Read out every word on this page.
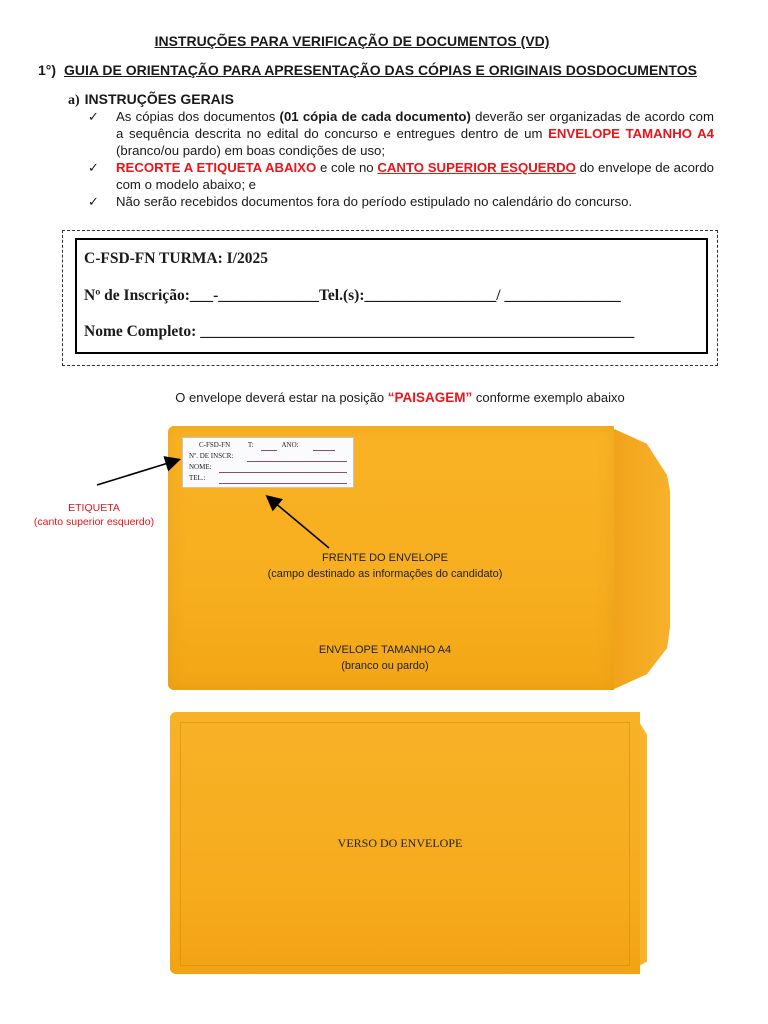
INSTRUÇÕES PARA VERIFICAÇÃO DE DOCUMENTOS (VD)
1°) GUIA DE ORIENTAÇÃO PARA APRESENTAÇÃO DAS CÓPIAS E ORIGINAIS DOSDOCUMENTOS
a) INSTRUÇÕES GERAIS
✓ As cópias dos documentos (01 cópia de cada documento) deverão ser organizadas de acordo com a sequência descrita no edital do concurso e entregues dentro de um ENVELOPE TAMANHO A4 (branco/ou pardo) em boas condições de uso;
✓ RECORTE A ETIQUETA ABAIXO e cole no CANTO SUPERIOR ESQUERDO do envelope de acordo com o modelo abaixo; e
✓ Não serão recebidos documentos fora do período estipulado no calendário do concurso.
C-FSD-FN TURMA: I/2025
Nº de Inscrição:___-_____________Tel.(s):_________________/ _______________
Nome Completo: ________________________________________________________
O envelope deverá estar na posição “PAISAGEM” conforme exemplo abaixo
C-FSD-FN	T:	ANO:
Nº. DE INSCR:
NOME:
TEL.:
ETIQUETA
(canto superior esquerdo)
FRENTE DO ENVELOPE
(campo destinado as informações do candidato)
ENVELOPE TAMANHO A4
(branco ou pardo)
VERSO DO ENVELOPE
